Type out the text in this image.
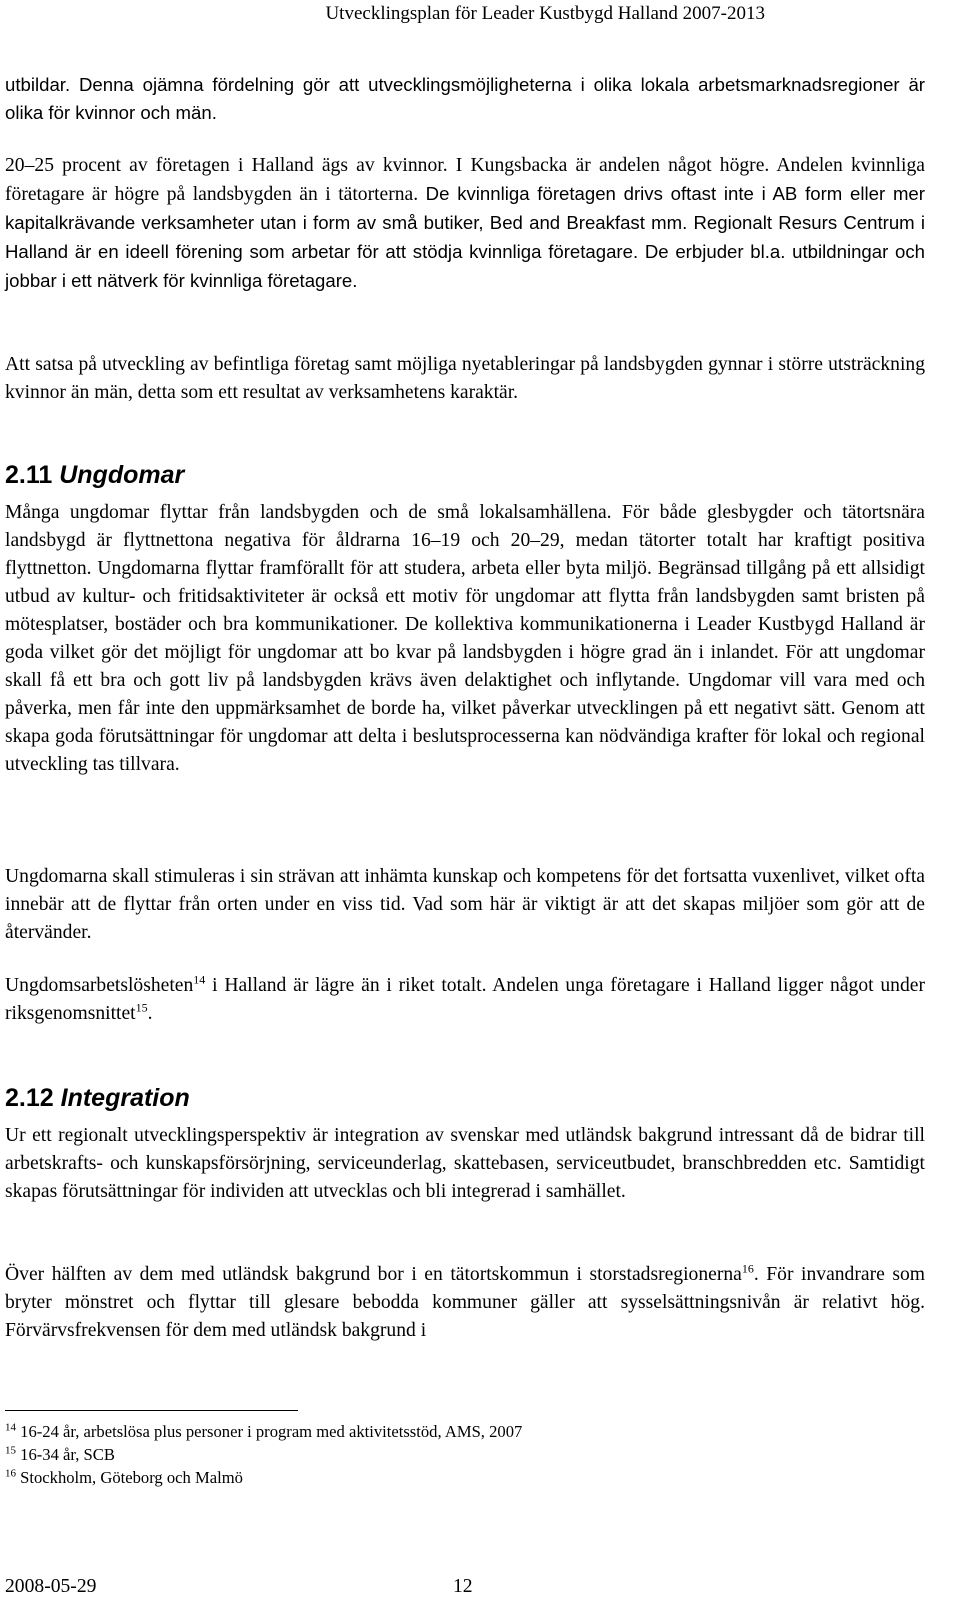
Utvecklingsplan för Leader Kustbygd Halland 2007-2013

utbildar. Denna ojämna fördelning gör att utvecklingsmöjligheterna i olika lokala arbetsmarknadsregioner är olika för kvinnor och män.

20–25 procent av företagen i Halland ägs av kvinnor. I Kungsbacka är andelen något högre. Andelen kvinnliga företagare är högre på landsbygden än i tätorterna. De kvinnliga företagen drivs oftast inte i AB form eller mer kapitalkrävande verksamheter utan i form av små butiker, Bed and Breakfast mm. Regionalt Resurs Centrum i Halland är en ideell förening som arbetar för att stödja kvinnliga företagare. De erbjuder bl.a. utbildningar och jobbar i ett nätverk för kvinnliga företagare.

Att satsa på utveckling av befintliga företag samt möjliga nyetableringar på landsbygden gynnar i större utsträckning kvinnor än män, detta som ett resultat av verksamhetens karaktär.

2.11 Ungdomar

Många ungdomar flyttar från landsbygden och de små lokalsamhällena. För både glesbygder och tätortsnära landsbygd är flyttnettona negativa för åldrarna 16–19 och 20–29, medan tätorter totalt har kraftigt positiva flyttnetton. Ungdomarna flyttar framförallt för att studera, arbeta eller byta miljö. Begränsad tillgång på ett allsidigt utbud av kultur- och fritidsaktiviteter är också ett motiv för ungdomar att flytta från landsbygden samt bristen på mötesplatser, bostäder och bra kommunikationer. De kollektiva kommunikationerna i Leader Kustbygd Halland är goda vilket gör det möjligt för ungdomar att bo kvar på landsbygden i högre grad än i inlandet. För att ungdomar skall få ett bra och gott liv på landsbygden krävs även delaktighet och inflytande. Ungdomar vill vara med och påverka, men får inte den uppmärksamhet de borde ha, vilket påverkar utvecklingen på ett negativt sätt. Genom att skapa goda förutsättningar för ungdomar att delta i beslutsprocesserna kan nödvändiga krafter för lokal och regional utveckling tas tillvara.

Ungdomarna skall stimuleras i sin strävan att inhämta kunskap och kompetens för det fortsatta vuxenlivet, vilket ofta innebär att de flyttar från orten under en viss tid. Vad som här är viktigt är att det skapas miljöer som gör att de återvänder.

Ungdomsarbetslösheten$^{14}$ i Halland är lägre än i riket totalt. Andelen unga företagare i Halland ligger något under riksgenomsnittet$^{15}$.

2.12 Integration

Ur ett regionalt utvecklingsperspektiv är integration av svenskar med utländsk bakgrund intressant då de bidrar till arbetskrafts- och kunskapsförsörjning, serviceunderlag, skattebasen, serviceutbudet, branschbredden etc. Samtidigt skapas förutsättningar för individen att utvecklas och bli integrerad i samhället.

Över hälften av dem med utländsk bakgrund bor i en tätortskommun i storstadsregionerna$^{16}$. För invandrare som bryter mönstret och flyttar till glesare bebodda kommuner gäller att sysselsättningsnivån är relativt hög. Förvärvsfrekvensen för dem med utländsk bakgrund i

$^{14}$ 16-24 år, arbetslösa plus personer i program med aktivitetsstöd, AMS, 2007

$^{15}$ 16-34 år, SCB

$^{16}$ Stockholm, Göteborg och Malmö

2008-05-29	12
